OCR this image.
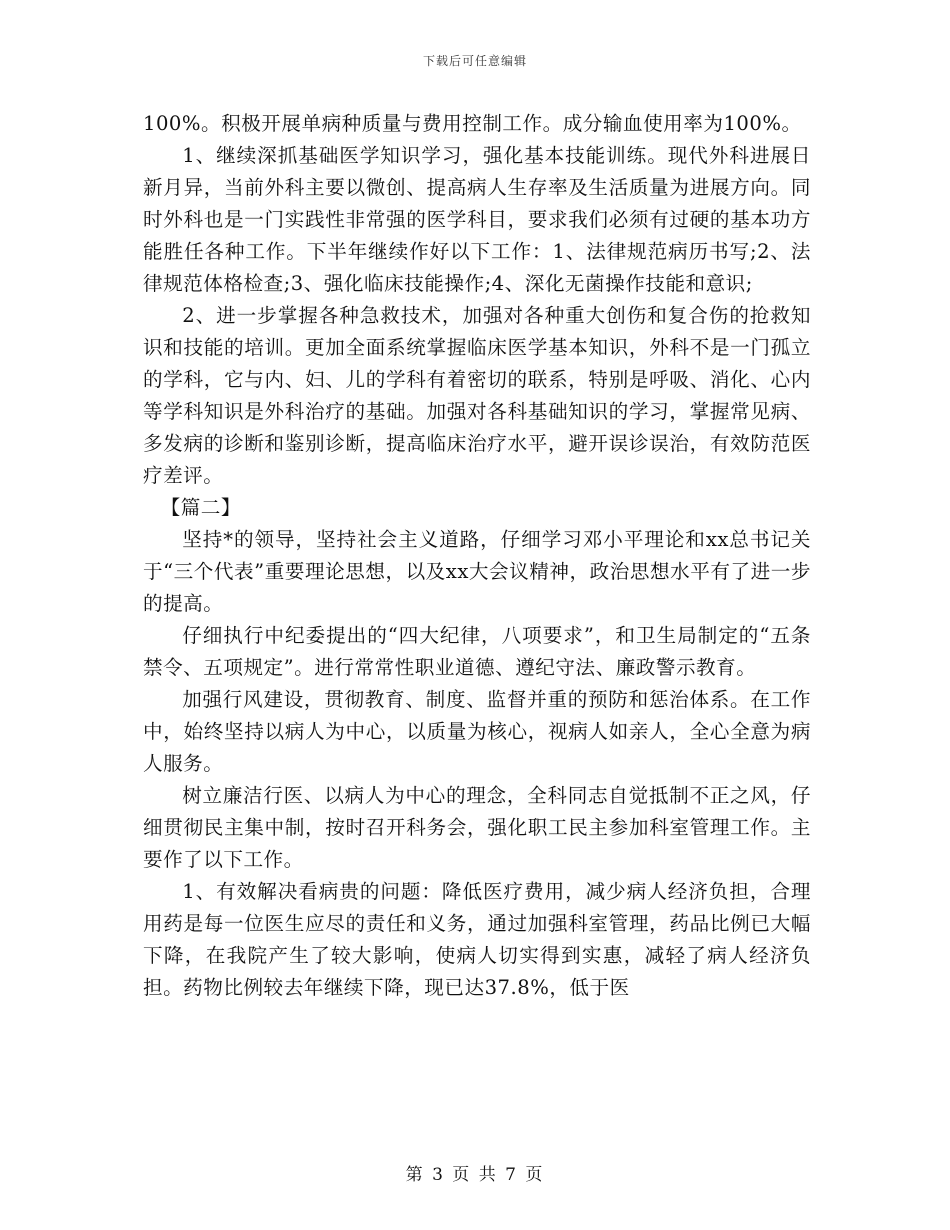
下载后可任意编辑

100%。积极开展单病种质量与费用控制工作。成分输血使用率为100%。

1、继续深抓基础医学知识学习，强化基本技能训练。现代外科进展日新月异，当前外科主要以微创、提高病人生存率及生活质量为进展方向。同时外科也是一门实践性非常强的医学科目，要求我们必须有过硬的基本功方能胜任各种工作。下半年继续作好以下工作：1、法律规范病历书写;2、法律规范体格检查;3、强化临床技能操作;4、深化无菌操作技能和意识;

2、进一步掌握各种急救技术，加强对各种重大创伤和复合伤的抢救知识和技能的培训。更加全面系统掌握临床医学基本知识，外科不是一门孤立的学科，它与内、妇、儿的学科有着密切的联系，特别是呼吸、消化、心内等学科知识是外科治疗的基础。加强对各科基础知识的学习，掌握常见病、多发病的诊断和鉴别诊断，提高临床治疗水平，避开误诊误治，有效防范医疗差评。

【篇二】

坚持*的领导，坚持社会主义道路，仔细学习邓小平理论和xx总书记关于“三个代表”重要理论思想，以及xx大会议精神，政治思想水平有了进一步的提高。

仔细执行中纪委提出的“四大纪律，八项要求”，和卫生局制定的“五条禁令、五项规定”。进行常常性职业道德、遵纪守法、廉政警示教育。

加强行风建设，贯彻教育、制度、监督并重的预防和惩治体系。在工作中，始终坚持以病人为中心，以质量为核心，视病人如亲人，全心全意为病人服务。

树立廉洁行医、以病人为中心的理念，全科同志自觉抵制不正之风，仔细贯彻民主集中制，按时召开科务会，强化职工民主参加科室管理工作。主要作了以下工作。

1、有效解决看病贵的问题：降低医疗费用，减少病人经济负担，合理用药是每一位医生应尽的责任和义务，通过加强科室管理，药品比例已大幅下降，在我院产生了较大影响，使病人切实得到实惠，减轻了病人经济负担。药物比例较去年继续下降，现已达37.8%，低于医

第 3 页 共 7 页
